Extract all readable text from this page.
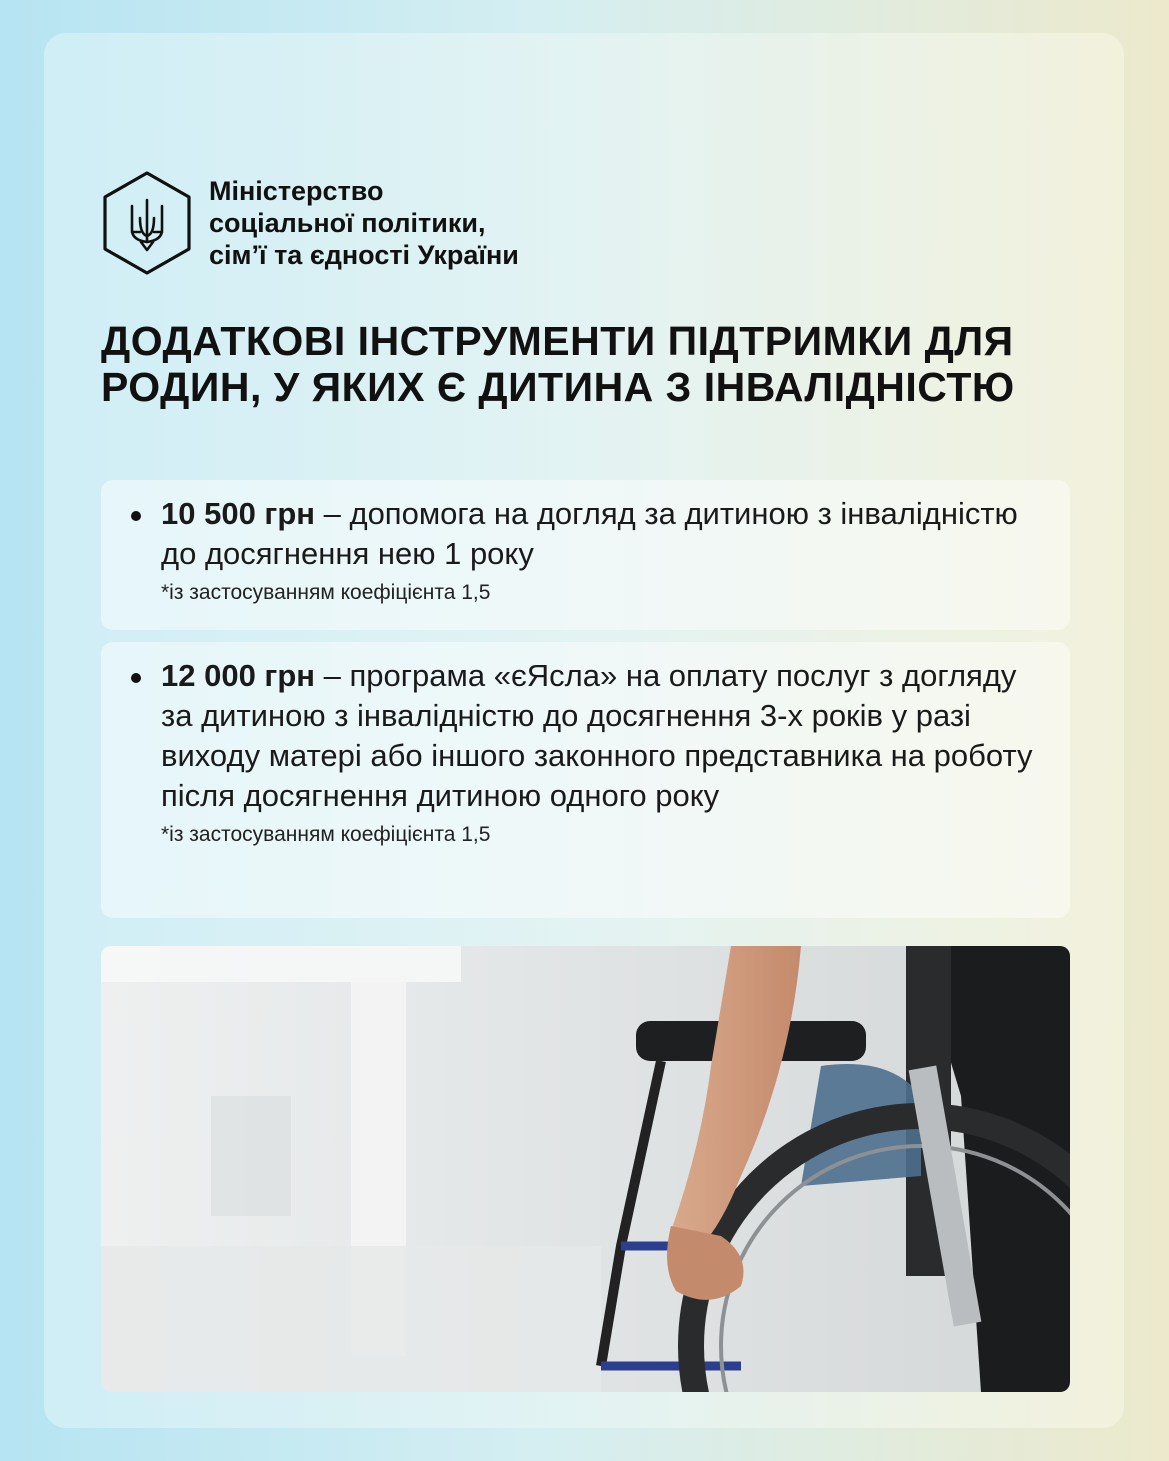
Міністерство
соціальної політики,
сім’ї та єдності України
ДОДАТКОВІ ІНСТРУМЕНТИ ПІДТРИМКИ ДЛЯ РОДИН, У ЯКИХ Є ДИТИНА З ІНВАЛІДНІСТЮ
10 500 грн – допомога на догляд за дитиною з інвалідністю до досягнення нею 1 року
*із застосуванням коефіцієнта 1,5
12 000 грн – програма «єЯсла» на оплату послуг з догляду за дитиною з інвалідністю до досягнення 3-х років у разі виходу матері або іншого законного представника на роботу після досягнення дитиною одного року
*із застосуванням коефіцієнта 1,5
